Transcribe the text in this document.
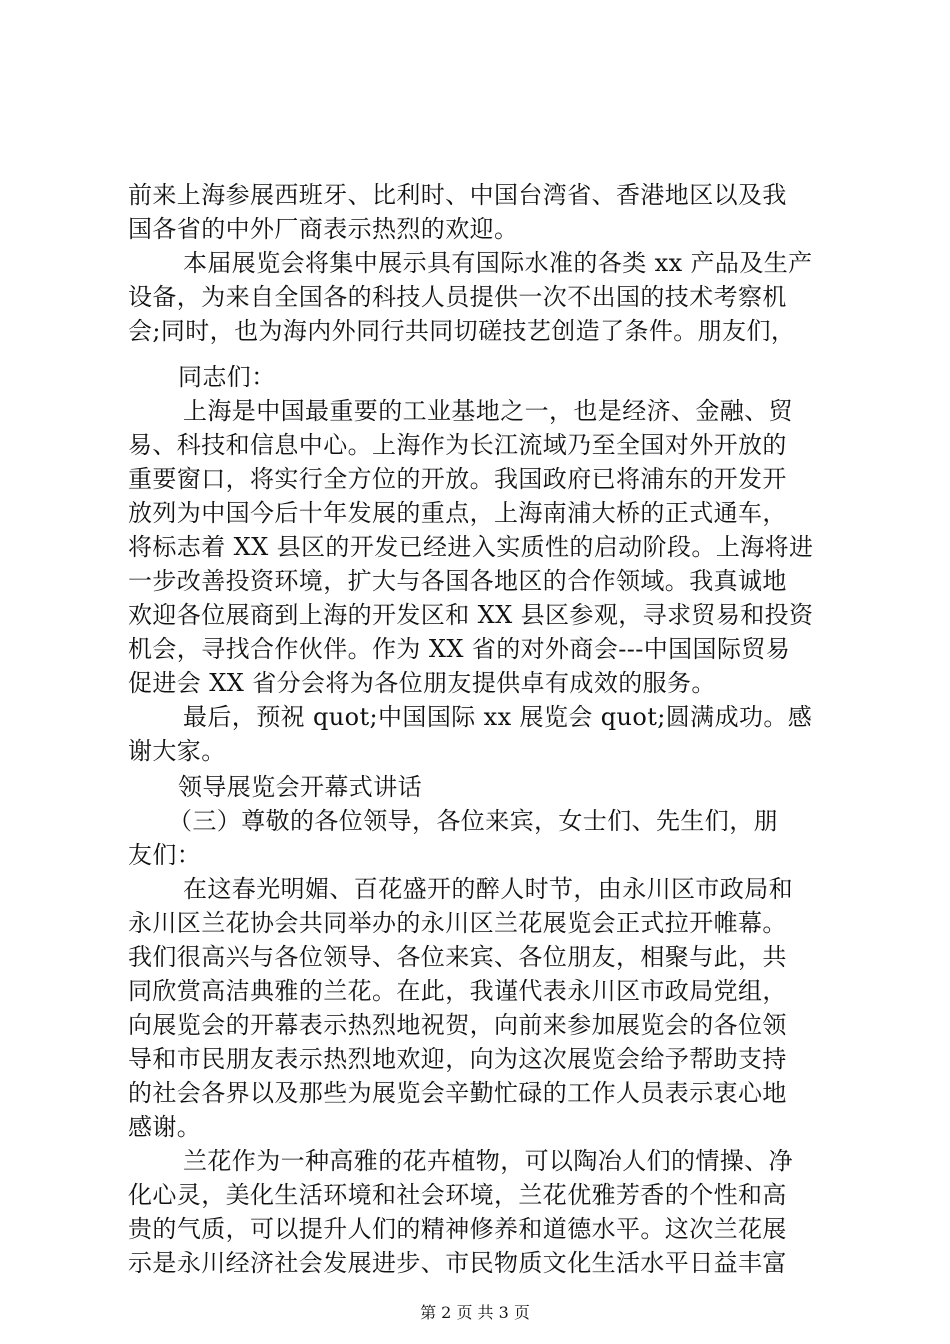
前来上海参展西班牙、比利时、中国台湾省、香港地区以及我
国各省的中外厂商表示热烈的欢迎。
本届展览会将集中展示具有国际水准的各类 xx 产品及生产
设备，为来自全国各的科技人员提供一次不出国的技术考察机
会;同时，也为海内外同行共同切磋技艺创造了条件。朋友们，
同志们：
上海是中国最重要的工业基地之一，也是经济、金融、贸
易、科技和信息中心。上海作为长江流域乃至全国对外开放的
重要窗口，将实行全方位的开放。我国政府已将浦东的开发开
放列为中国今后十年发展的重点，上海南浦大桥的正式通车，
将标志着 XX 县区的开发已经进入实质性的启动阶段。上海将进
一步改善投资环境，扩大与各国各地区的合作领域。我真诚地
欢迎各位展商到上海的开发区和 XX 县区参观，寻求贸易和投资
机会，寻找合作伙伴。作为 XX 省的对外商会---中国国际贸易
促进会 XX 省分会将为各位朋友提供卓有成效的服务。
最后，预祝 quot;中国国际 xx 展览会 quot;圆满成功。感
谢大家。
领导展览会开幕式讲话
（三）尊敬的各位领导，各位来宾，女士们、先生们，朋
友们：
在这春光明媚、百花盛开的醉人时节，由永川区市政局和
永川区兰花协会共同举办的永川区兰花展览会正式拉开帷幕。
我们很高兴与各位领导、各位来宾、各位朋友，相聚与此，共
同欣赏高洁典雅的兰花。在此，我谨代表永川区市政局党组，
向展览会的开幕表示热烈地祝贺，向前来参加展览会的各位领
导和市民朋友表示热烈地欢迎，向为这次展览会给予帮助支持
的社会各界以及那些为展览会辛勤忙碌的工作人员表示衷心地
感谢。
兰花作为一种高雅的花卉植物，可以陶冶人们的情操、净
化心灵，美化生活环境和社会环境，兰花优雅芳香的个性和高
贵的气质，可以提升人们的精神修养和道德水平。这次兰花展
示是永川经济社会发展进步、市民物质文化生活水平日益丰富
第 2 页 共 3 页
